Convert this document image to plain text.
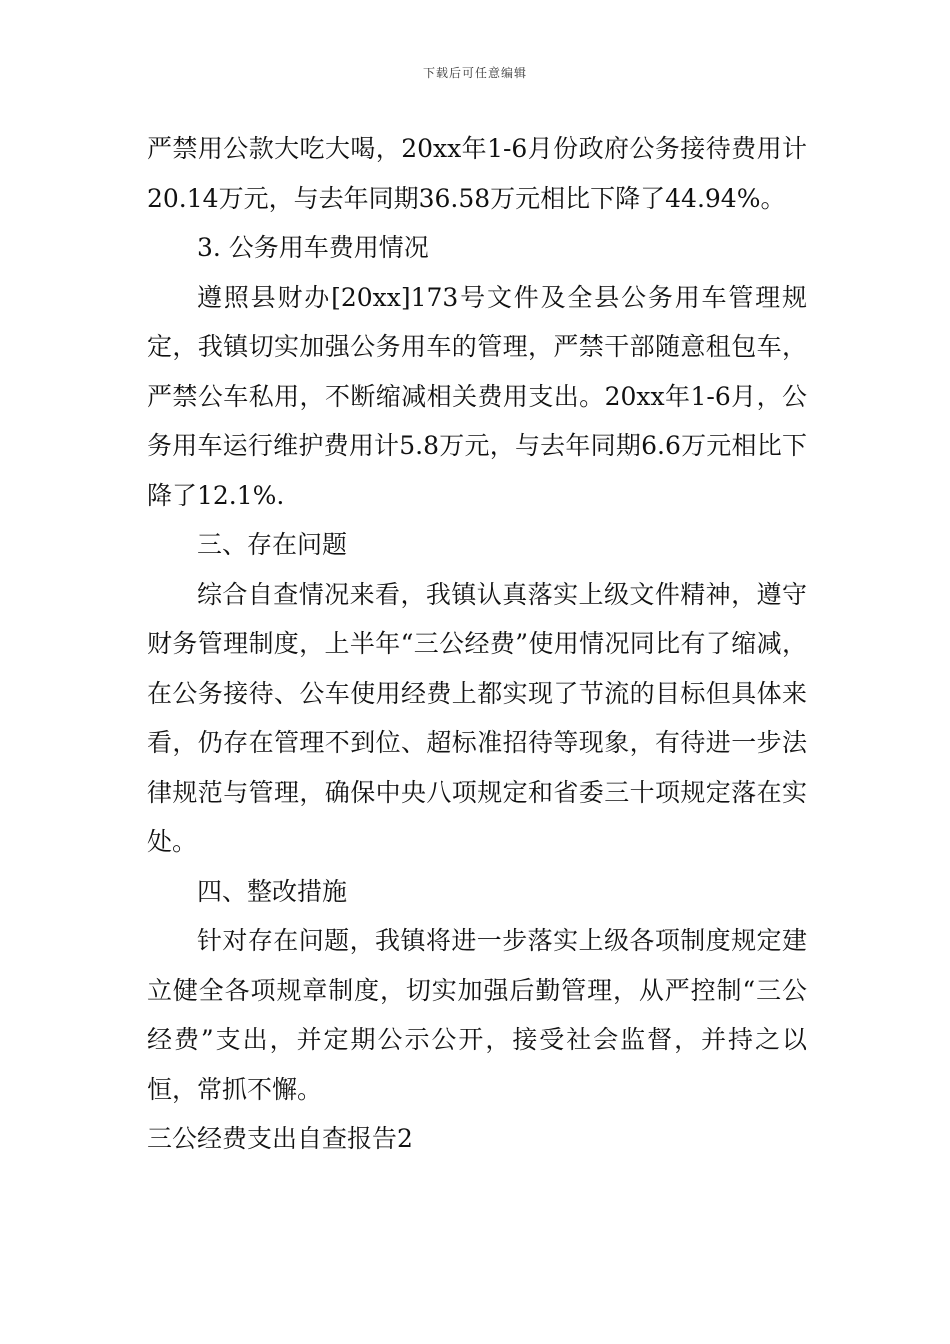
下载后可任意编辑

严禁用公款大吃大喝，20xx年1-6月份政府公务接待费用计20.14万元，与去年同期36.58万元相比下降了44.94%。

3. 公务用车费用情况

遵照县财办[20xx]173号文件及全县公务用车管理规定，我镇切实加强公务用车的管理，严禁干部随意租包车，严禁公车私用，不断缩减相关费用支出。20xx年1-6月，公务用车运行维护费用计5.8万元，与去年同期6.6万元相比下降了12.1%.

三、存在问题

综合自查情况来看，我镇认真落实上级文件精神，遵守财务管理制度，上半年“三公经费”使用情况同比有了缩减，在公务接待、公车使用经费上都实现了节流的目标但具体来看，仍存在管理不到位、超标准招待等现象，有待进一步法律规范与管理，确保中央八项规定和省委三十项规定落在实处。

四、整改措施

针对存在问题，我镇将进一步落实上级各项制度规定建立健全各项规章制度，切实加强后勤管理，从严控制“三公经费”支出，并定期公示公开，接受社会监督，并持之以恒，常抓不懈。

三公经费支出自查报告2
